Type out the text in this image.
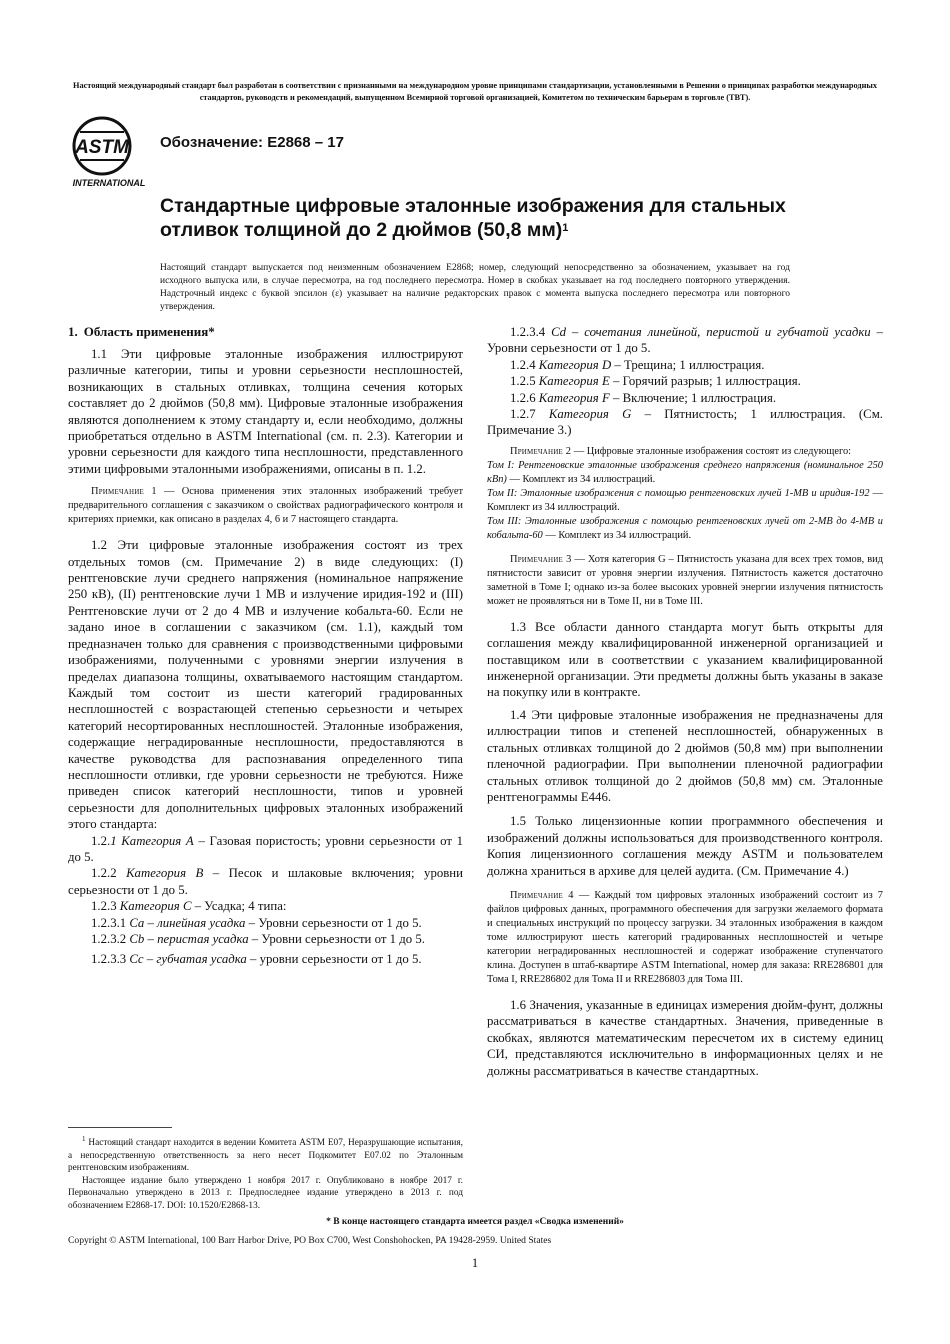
Настоящий международный стандарт был разработан в соответствии с признанными на международном уровне принципами стандартизации, установленными в Решении о принципах разработки международных стандартов, руководств и рекомендаций, выпущенном Всемирной торговой организацией, Комитетом по техническим барьерам в торговле (ТВТ).
ASTM
INTERNATIONAL
Обозначение: E2868 – 17
Стандартные цифровые эталонные изображения для стальных отливок толщиной до 2 дюймов (50,8 мм)$^1$
Настоящий стандарт выпускается под неизменным обозначением E2868; номер, следующий непосредственно за обозначением, указывает на год исходного выпуска или, в случае пересмотра, на год последнего пересмотра. Номер в скобках указывает на год последнего повторного утверждения. Надстрочный индекс с буквой эпсилон (ε) указывает на наличие редакторских правок с момента выпуска последнего пересмотра или повторного утверждения.
1. Область применения*

1.1 Эти цифровые эталонные изображения иллюстрируют различные категории, типы и уровни серьезности несплошностей, возникающих в стальных отливках, толщина сечения которых составляет до 2 дюймов (50,8 мм). Цифровые эталонные изображения являются дополнением к этому стандарту и, если необходимо, должны приобретаться отдельно в ASTM International (см. п. 2.3). Категории и уровни серьезности для каждого типа несплошности, представленного этими цифровыми эталонными изображениями, описаны в п. 1.2.

Примечание 1 — Основа применения этих эталонных изображений требует предварительного соглашения с заказчиком о свойствах радиографического контроля и критериях приемки, как описано в разделах 4, 6 и 7 настоящего стандарта.

1.2 Эти цифровые эталонные изображения состоят из трех отдельных томов (см. Примечание 2) в виде следующих: (I) рентгеновские лучи среднего напряжения (номинальное напряжение 250 кВ), (II) рентгеновские лучи 1 МВ и излучение иридия-192 и (III) Рентгеновские лучи от 2 до 4 МВ и излучение кобальта-60. Если не задано иное в соглашении с заказчиком (см. 1.1), каждый том предназначен только для сравнения с производственными цифровыми изображениями, полученными с уровнями энергии излучения в пределах диапазона толщины, охватываемого настоящим стандартом. Каждый том состоит из шести категорий градированных несплошностей с возрастающей степенью серьезности и четырех категорий несортированных несплошностей. Эталонные изображения, содержащие неградированные несплошности, предоставляются в качестве руководства для распознавания определенного типа несплошности отливки, где уровни серьезности не требуются. Ниже приведен список категорий несплошности, типов и уровней серьезности для дополнительных цифровых эталонных изображений этого стандарта:

1.2.1 Категория A – Газовая пористость; уровни серьезности от 1 до 5.

1.2.2 Категория B – Песок и шлаковые включения; уровни серьезности от 1 до 5.

1.2.3 Категория C – Усадка; 4 типа:

1.2.3.1 Ca – линейная усадка – Уровни серьезности от 1 до 5.

1.2.3.2 Cb – перистая усадка – Уровни серьезности от 1 до 5.

1.2.3.3 Cc – губчатая усадка – уровни серьезности от 1 до 5.

1.2.3.4 Cd – сочетания линейной, перистой и губчатой усадки – Уровни серьезности от 1 до 5.

1.2.4 Категория D – Трещина; 1 иллюстрация.

1.2.5 Категория E – Горячий разрыв; 1 иллюстрация.

1.2.6 Категория F – Включение; 1 иллюстрация.

1.2.7 Категория G – Пятнистость; 1 иллюстрация. (См. Примечание 3.)

Примечание 2 — Цифровые эталонные изображения состоят из следующего:

Том I: Рентгеновские эталонные изображения среднего напряжения (номинальное 250 кВп) — Комплект из 34 иллюстраций.

Том II: Эталонные изображения с помощью рентгеновских лучей 1-МВ и иридия-192 — Комплект из 34 иллюстраций.

Том III: Эталонные изображения с помощью рентгеновских лучей от 2-МВ до 4-МВ и кобальта-60 — Комплект из 34 иллюстраций.

Примечание 3 — Хотя категория G – Пятнистость указана для всех трех томов, вид пятнистости зависит от уровня энергии излучения. Пятнистость кажется достаточно заметной в Томе I; однако из-за более высоких уровней энергии излучения пятнистость может не проявляться ни в Томе II, ни в Томе III.

1.3 Все области данного стандарта могут быть открыты для соглашения между квалифицированной инженерной организацией и поставщиком или в соответствии с указанием квалифицированной инженерной организации. Эти предметы должны быть указаны в заказе на покупку или в контракте.

1.4 Эти цифровые эталонные изображения не предназначены для иллюстрации типов и степеней несплошностей, обнаруженных в стальных отливках толщиной до 2 дюймов (50,8 мм) при выполнении пленочной радиографии. При выполнении пленочной радиографии стальных отливок толщиной до 2 дюймов (50,8 мм) см. Эталонные рентгенограммы E446.

1.5 Только лицензионные копии программного обеспечения и изображений должны использоваться для производственного контроля. Копия лицензионного соглашения между ASTM и пользователем должна храниться в архиве для целей аудита. (См. Примечание 4.)

Примечание 4 — Каждый том цифровых эталонных изображений состоит из 7 файлов цифровых данных, программного обеспечения для загрузки желаемого формата и специальных инструкций по процессу загрузки. 34 эталонных изображения в каждом томе иллюстрируют шесть категорий градированных несплошностей и четыре категории неградированных несплошностей и содержат изображение ступенчатого клина. Доступен в штаб-квартире ASTM International, номер для заказа: RRE286801 для Тома I, RRE286802 для Тома II и RRE286803 для Тома III.

1.6 Значения, указанные в единицах измерения дюйм-фунт, должны рассматриваться в качестве стандартных. Значения, приведенные в скобках, являются математическим пересчетом их в систему единиц СИ, представляются исключительно в информационных целях и не должны рассматриваться в качестве стандартных.

$^1$ Настоящий стандарт находится в ведении Комитета ASTM E07, Неразрушающие испытания, а непосредственную ответственность за него несет Подкомитет E07.02 по Эталонным рентгеновским изображениям.

Настоящее издание было утверждено 1 ноября 2017 г. Опубликовано в ноябре 2017 г. Первоначально утверждено в 2013 г. Предпоследнее издание утверждено в 2013 г. под обозначением E2868-17. DOI: 10.1520/E2868-13.

* В конце настоящего стандарта имеется раздел «Сводка изменений»
Copyright © ASTM International, 100 Barr Harbor Drive, PO Box C700, West Conshohocken, PA 19428-2959. United States
1
